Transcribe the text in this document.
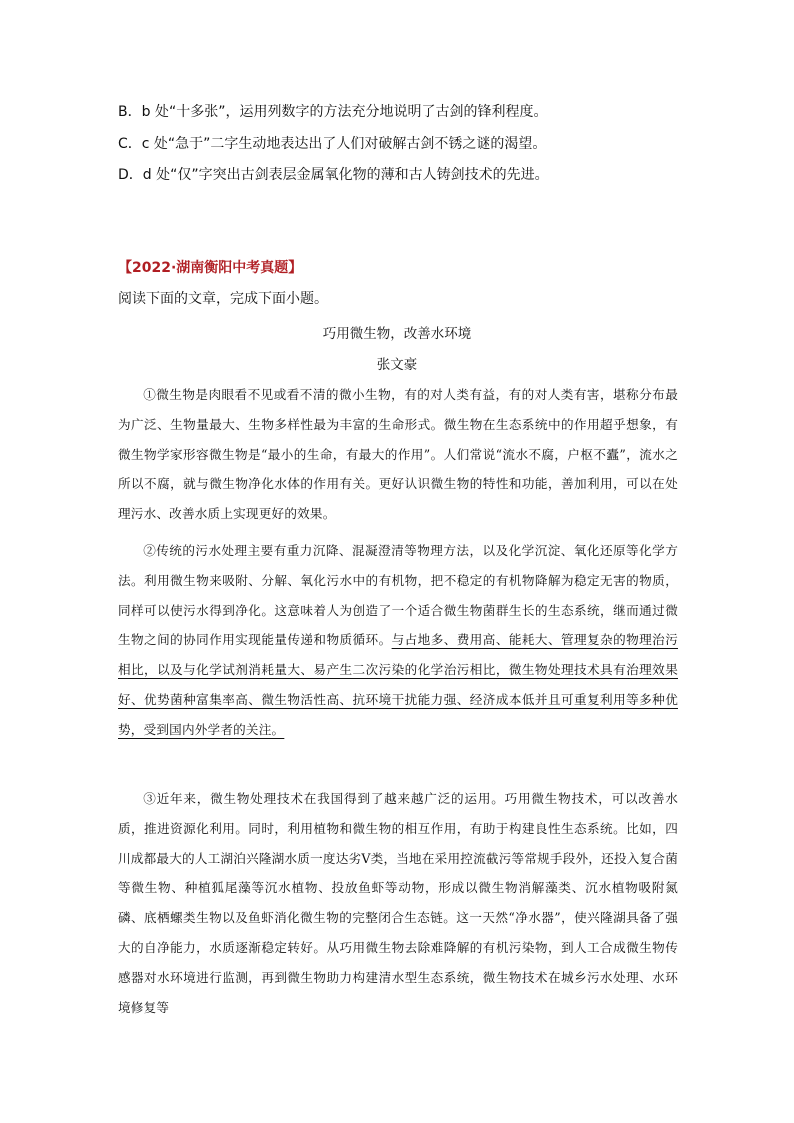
B．b 处“十多张”，运用列数字的方法充分地说明了古剑的锋利程度。
C．c 处“急于”二字生动地表达出了人们对破解古剑不锈之谜的渴望。
D．d 处“仅”字突出古剑表层金属氧化物的薄和古人铸剑技术的先进。
【2022·湖南衡阳中考真题】
阅读下面的文章，完成下面小题。
巧用微生物，改善水环境
张文豪

①微生物是肉眼看不见或看不清的微小生物，有的对人类有益，有的对人类有害，堪称分布最为广泛、生物量最大、生物多样性最为丰富的生命形式。微生物在生态系统中的作用超乎想象，有微生物学家形容微生物是“最小的生命，有最大的作用”。人们常说“流水不腐，户枢不蠹”，流水之所以不腐，就与微生物净化水体的作用有关。更好认识微生物的特性和功能，善加利用，可以在处理污水、改善水质上实现更好的效果。

②传统的污水处理主要有重力沉降、混凝澄清等物理方法，以及化学沉淀、氧化还原等化学方法。利用微生物来吸附、分解、氧化污水中的有机物，把不稳定的有机物降解为稳定无害的物质，同样可以使污水得到净化。这意味着人为创造了一个适合微生物菌群生长的生态系统，继而通过微生物之间的协同作用实现能量传递和物质循环。与占地多、费用高、能耗大、管理复杂的物理治污相比，以及与化学试剂消耗量大、易产生二次污染的化学治污相比，微生物处理技术具有治理效果好、优势菌种富集率高、微生物活性高、抗环境干扰能力强、经济成本低并且可重复利用等多种优势，受到国内外学者的关注。

③近年来，微生物处理技术在我国得到了越来越广泛的运用。巧用微生物技术，可以改善水质，推进资源化利用。同时，利用植物和微生物的相互作用，有助于构建良性生态系统。比如，四川成都最大的人工湖泊兴隆湖水质一度达劣Ⅴ类，当地在采用控流截污等常规手段外，还投入复合菌等微生物、种植狐尾藻等沉水植物、投放鱼虾等动物，形成以微生物消解藻类、沉水植物吸附氮磷、底栖螺类生物以及鱼虾消化微生物的完整闭合生态链。这一天然“净水器”，使兴隆湖具备了强大的自净能力，水质逐渐稳定转好。从巧用微生物去除难降解的有机污染物，到人工合成微生物传感器对水环境进行监测，再到微生物助力构建清水型生态系统，微生物技术在城乡污水处理、水环境修复等
